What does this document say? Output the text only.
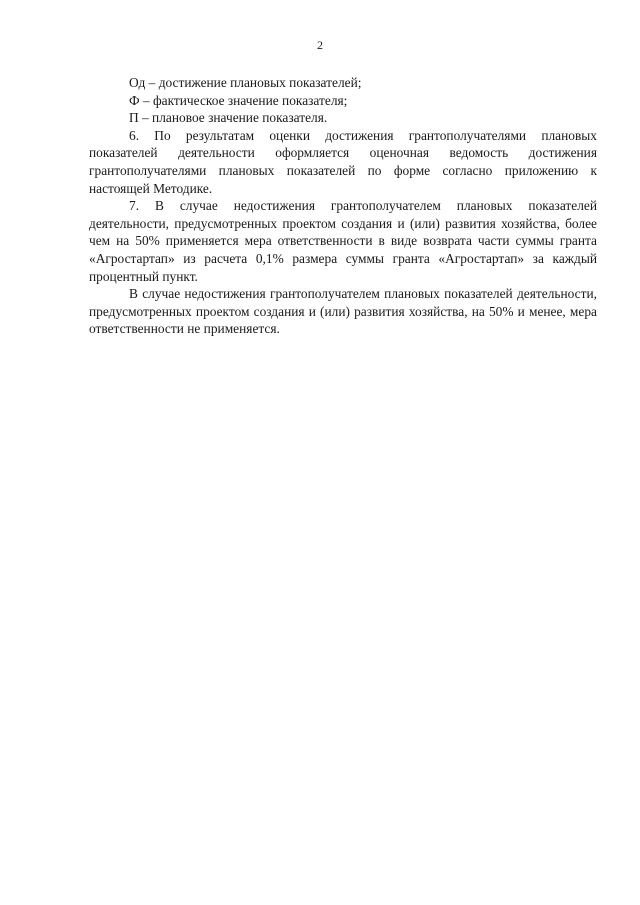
2

Од – достижение плановых показателей;

Ф – фактическое значение показателя;

П – плановое значение показателя.

6. По результатам оценки достижения грантополучателями плановых показателей деятельности оформляется оценочная ведомость достижения грантополучателями плановых показателей по форме согласно приложению к настоящей Методике.

7. В случае недостижения грантополучателем плановых показателей деятельности, предусмотренных проектом создания и (или) развития хозяйства, более чем на 50% применяется мера ответственности в виде возврата части суммы гранта «Агростартап» из расчета 0,1% размера суммы гранта «Агростартап» за каждый процентный пункт.

В случае недостижения грантополучателем плановых показателей деятельности, предусмотренных проектом создания и (или) развития хозяйства, на 50% и менее, мера ответственности не применяется.
